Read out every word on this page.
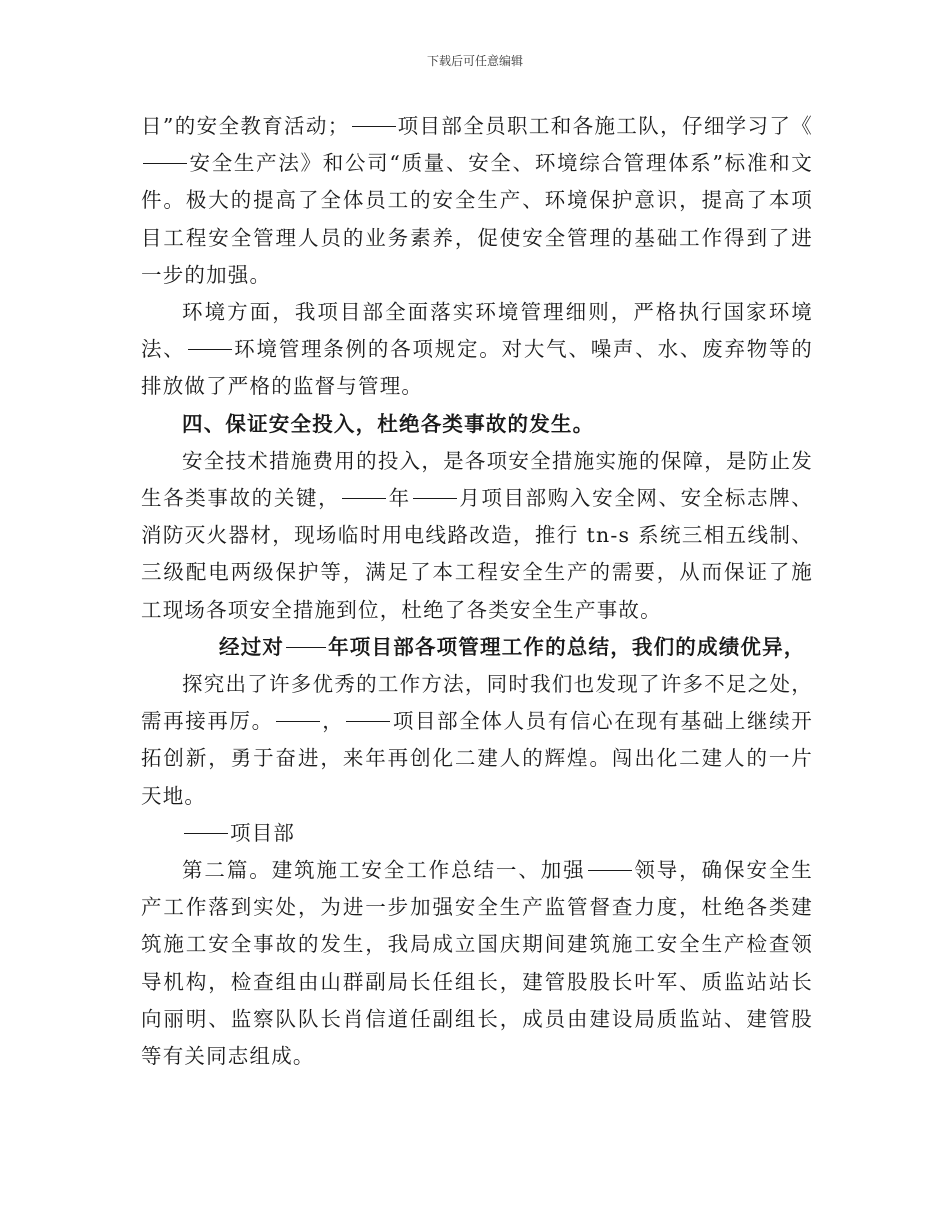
下载后可任意编辑

日”的安全教育活动； 项目部全员职工和各施工队，仔细学习了《安全生产法》和公司“质量、安全、环境综合管理体系”标准和文件。极大的提高了全体员工的安全生产、环境保护意识，提高了本项目工程安全管理人员的业务素养，促使安全管理的基础工作得到了进一步的加强。

环境方面，我项目部全面落实环境管理细则，严格执行国家环境法、 环境管理条例的各项规定。对大气、噪声、水、废弃物等的排放做了严格的监督与管理。

四、保证安全投入，杜绝各类事故的发生。

安全技术措施费用的投入，是各项安全措施实施的保障，是防止发生各类事故的关键， 年 月项目部购入安全网、安全标志牌、消防灭火器材，现场临时用电线路改造，推行 tn-s 系统三相五线制、三级配电两级保护等，满足了本工程安全生产的需要，从而保证了施工现场各项安全措施到位，杜绝了各类安全生产事故。

经过对 年项目部各项管理工作的总结，我们的成绩优异，

探究出了许多优秀的工作方法，同时我们也发现了许多不足之处，需再接再厉。 ， 项目部全体人员有信心在现有基础上继续开拓创新，勇于奋进，来年再创化二建人的辉煌。闯出化二建人的一片天地。

项目部

第二篇。建筑施工安全工作总结一、加强 领导，确保安全生产工作落到实处，为进一步加强安全生产监管督查力度，杜绝各类建筑施工安全事故的发生，我局成立国庆期间建筑施工安全生产检查领导机构，检查组由山群副局长任组长，建管股股长叶军、质监站站长向丽明、监察队队长肖信道任副组长，成员由建设局质监站、建管股等有关同志组成。
